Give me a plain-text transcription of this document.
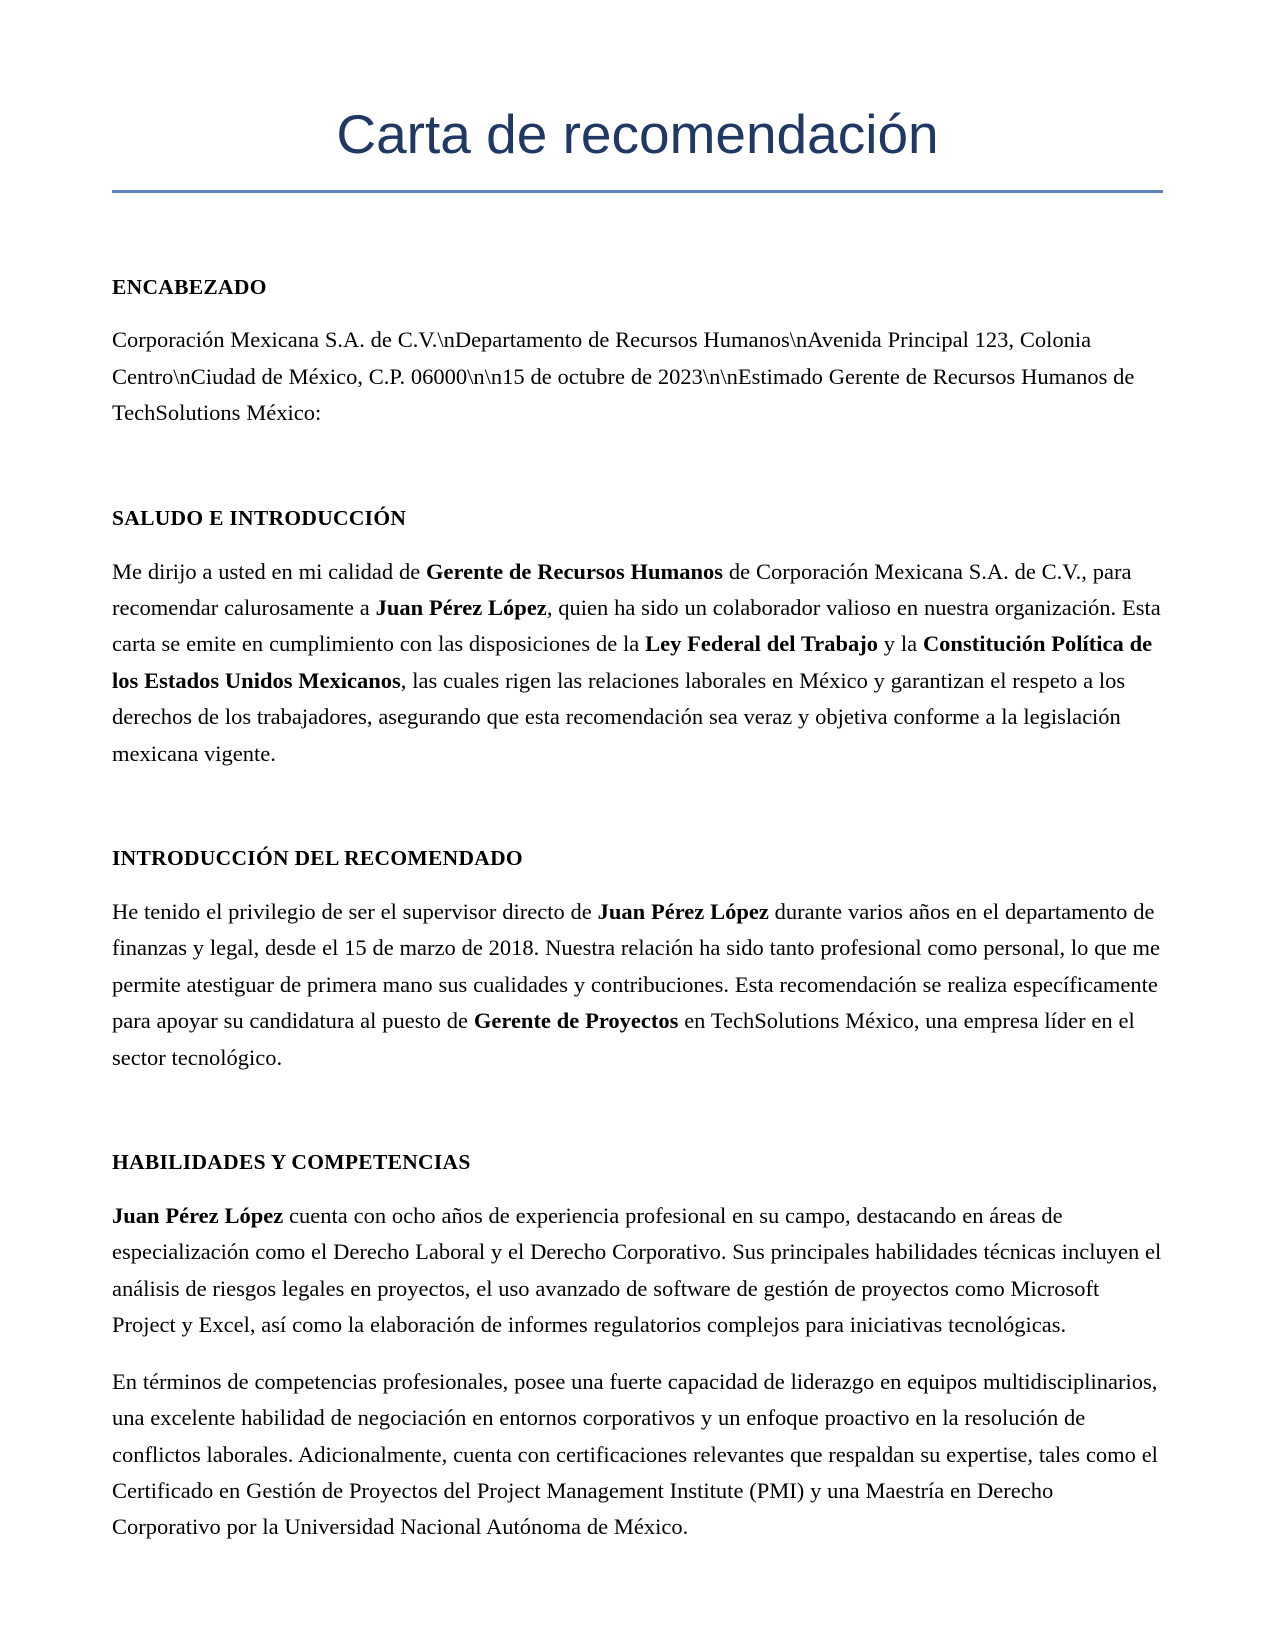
Carta de recomendación
ENCABEZADO

Corporación Mexicana S.A. de C.V.\nDepartamento de Recursos Humanos\nAvenida Principal 123, Colonia Centro\nCiudad de México, C.P. 06000\n\n15 de octubre de 2023\n\nEstimado Gerente de Recursos Humanos de TechSolutions México:

SALUDO E INTRODUCCIÓN

Me dirijo a usted en mi calidad de Gerente de Recursos Humanos de Corporación Mexicana S.A. de C.V., para recomendar calurosamente a Juan Pérez López, quien ha sido un colaborador valioso en nuestra organización. Esta carta se emite en cumplimiento con las disposiciones de la Ley Federal del Trabajo y la Constitución Política de los Estados Unidos Mexicanos, las cuales rigen las relaciones laborales en México y garantizan el respeto a los derechos de los trabajadores, asegurando que esta recomendación sea veraz y objetiva conforme a la legislación mexicana vigente.

INTRODUCCIÓN DEL RECOMENDADO

He tenido el privilegio de ser el supervisor directo de Juan Pérez López durante varios años en el departamento de finanzas y legal, desde el 15 de marzo de 2018. Nuestra relación ha sido tanto profesional como personal, lo que me permite atestiguar de primera mano sus cualidades y contribuciones. Esta recomendación se realiza específicamente para apoyar su candidatura al puesto de Gerente de Proyectos en TechSolutions México, una empresa líder en el sector tecnológico.

HABILIDADES Y COMPETENCIAS

Juan Pérez López cuenta con ocho años de experiencia profesional en su campo, destacando en áreas de especialización como el Derecho Laboral y el Derecho Corporativo. Sus principales habilidades técnicas incluyen el análisis de riesgos legales en proyectos, el uso avanzado de software de gestión de proyectos como Microsoft Project y Excel, así como la elaboración de informes regulatorios complejos para iniciativas tecnológicas.

En términos de competencias profesionales, posee una fuerte capacidad de liderazgo en equipos multidisciplinarios, una excelente habilidad de negociación en entornos corporativos y un enfoque proactivo en la resolución de conflictos laborales. Adicionalmente, cuenta con certificaciones relevantes que respaldan su expertise, tales como el Certificado en Gestión de Proyectos del Project Management Institute (PMI) y una Maestría en Derecho Corporativo por la Universidad Nacional Autónoma de México.
